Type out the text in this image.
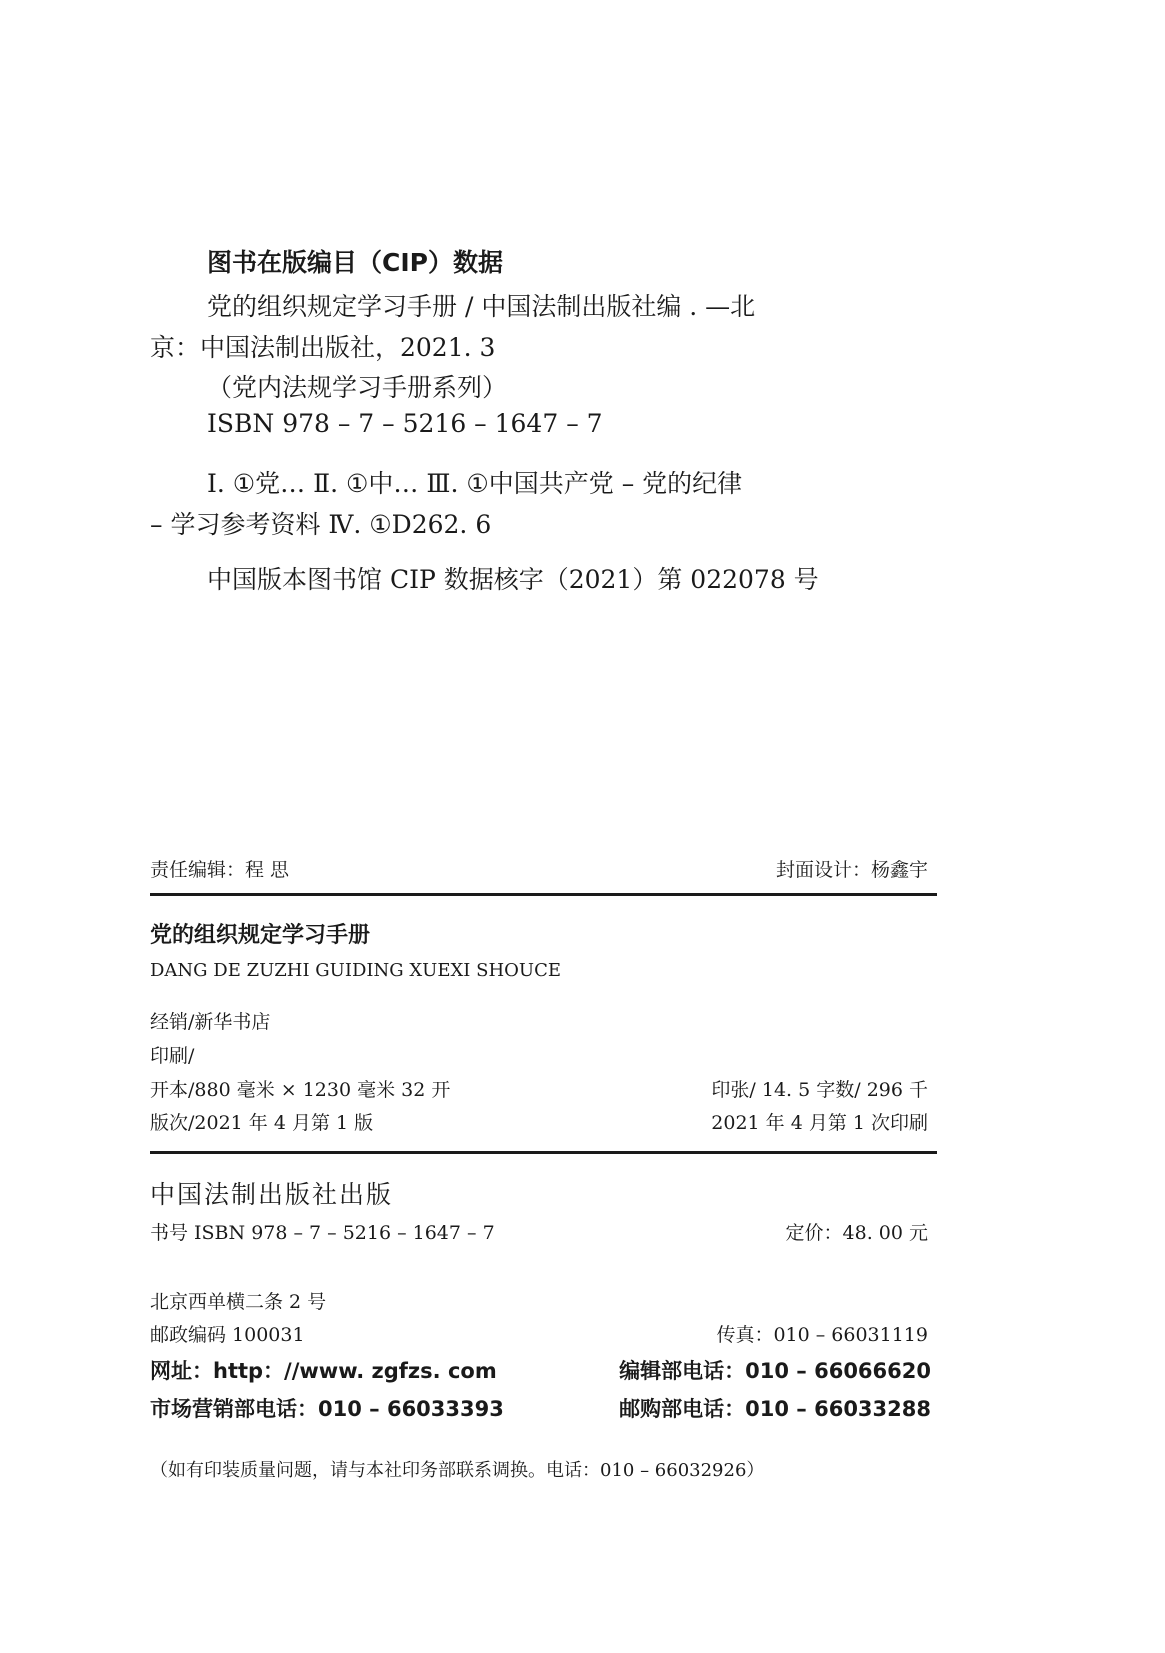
图书在版编目（CIP）数据
党的组织规定学习手册 / 中国法制出版社编 . —北
京：中国法制出版社，2021. 3
（党内法规学习手册系列）
ISBN 978 – 7 – 5216 – 1647 – 7
Ⅰ. ①党… Ⅱ. ①中… Ⅲ. ①中国共产党 – 党的纪律
– 学习参考资料 Ⅳ. ①D262. 6
中国版本图书馆 CIP 数据核字（2021）第 022078 号
责任编辑：程 思	封面设计：杨鑫宇
党的组织规定学习手册
DANG DE ZUZHI GUIDING XUEXI SHOUCE
经销/新华书店
印刷/
开本/880 毫米 × 1230 毫米 32 开	印张/ 14. 5 字数/ 296 千
版次/2021 年 4 月第 1 版	2021 年 4 月第 1 次印刷
中国法制出版社出版
书号 ISBN 978 – 7 – 5216 – 1647 – 7	定价：48. 00 元
北京西单横二条 2 号
邮政编码 100031	传真：010 – 66031119
网址：http：//www. zgfzs. com	编辑部电话：010 – 66066620
市场营销部电话：010 – 66033393	邮购部电话：010 – 66033288
（如有印装质量问题，请与本社印务部联系调换。电话：010 – 66032926）
